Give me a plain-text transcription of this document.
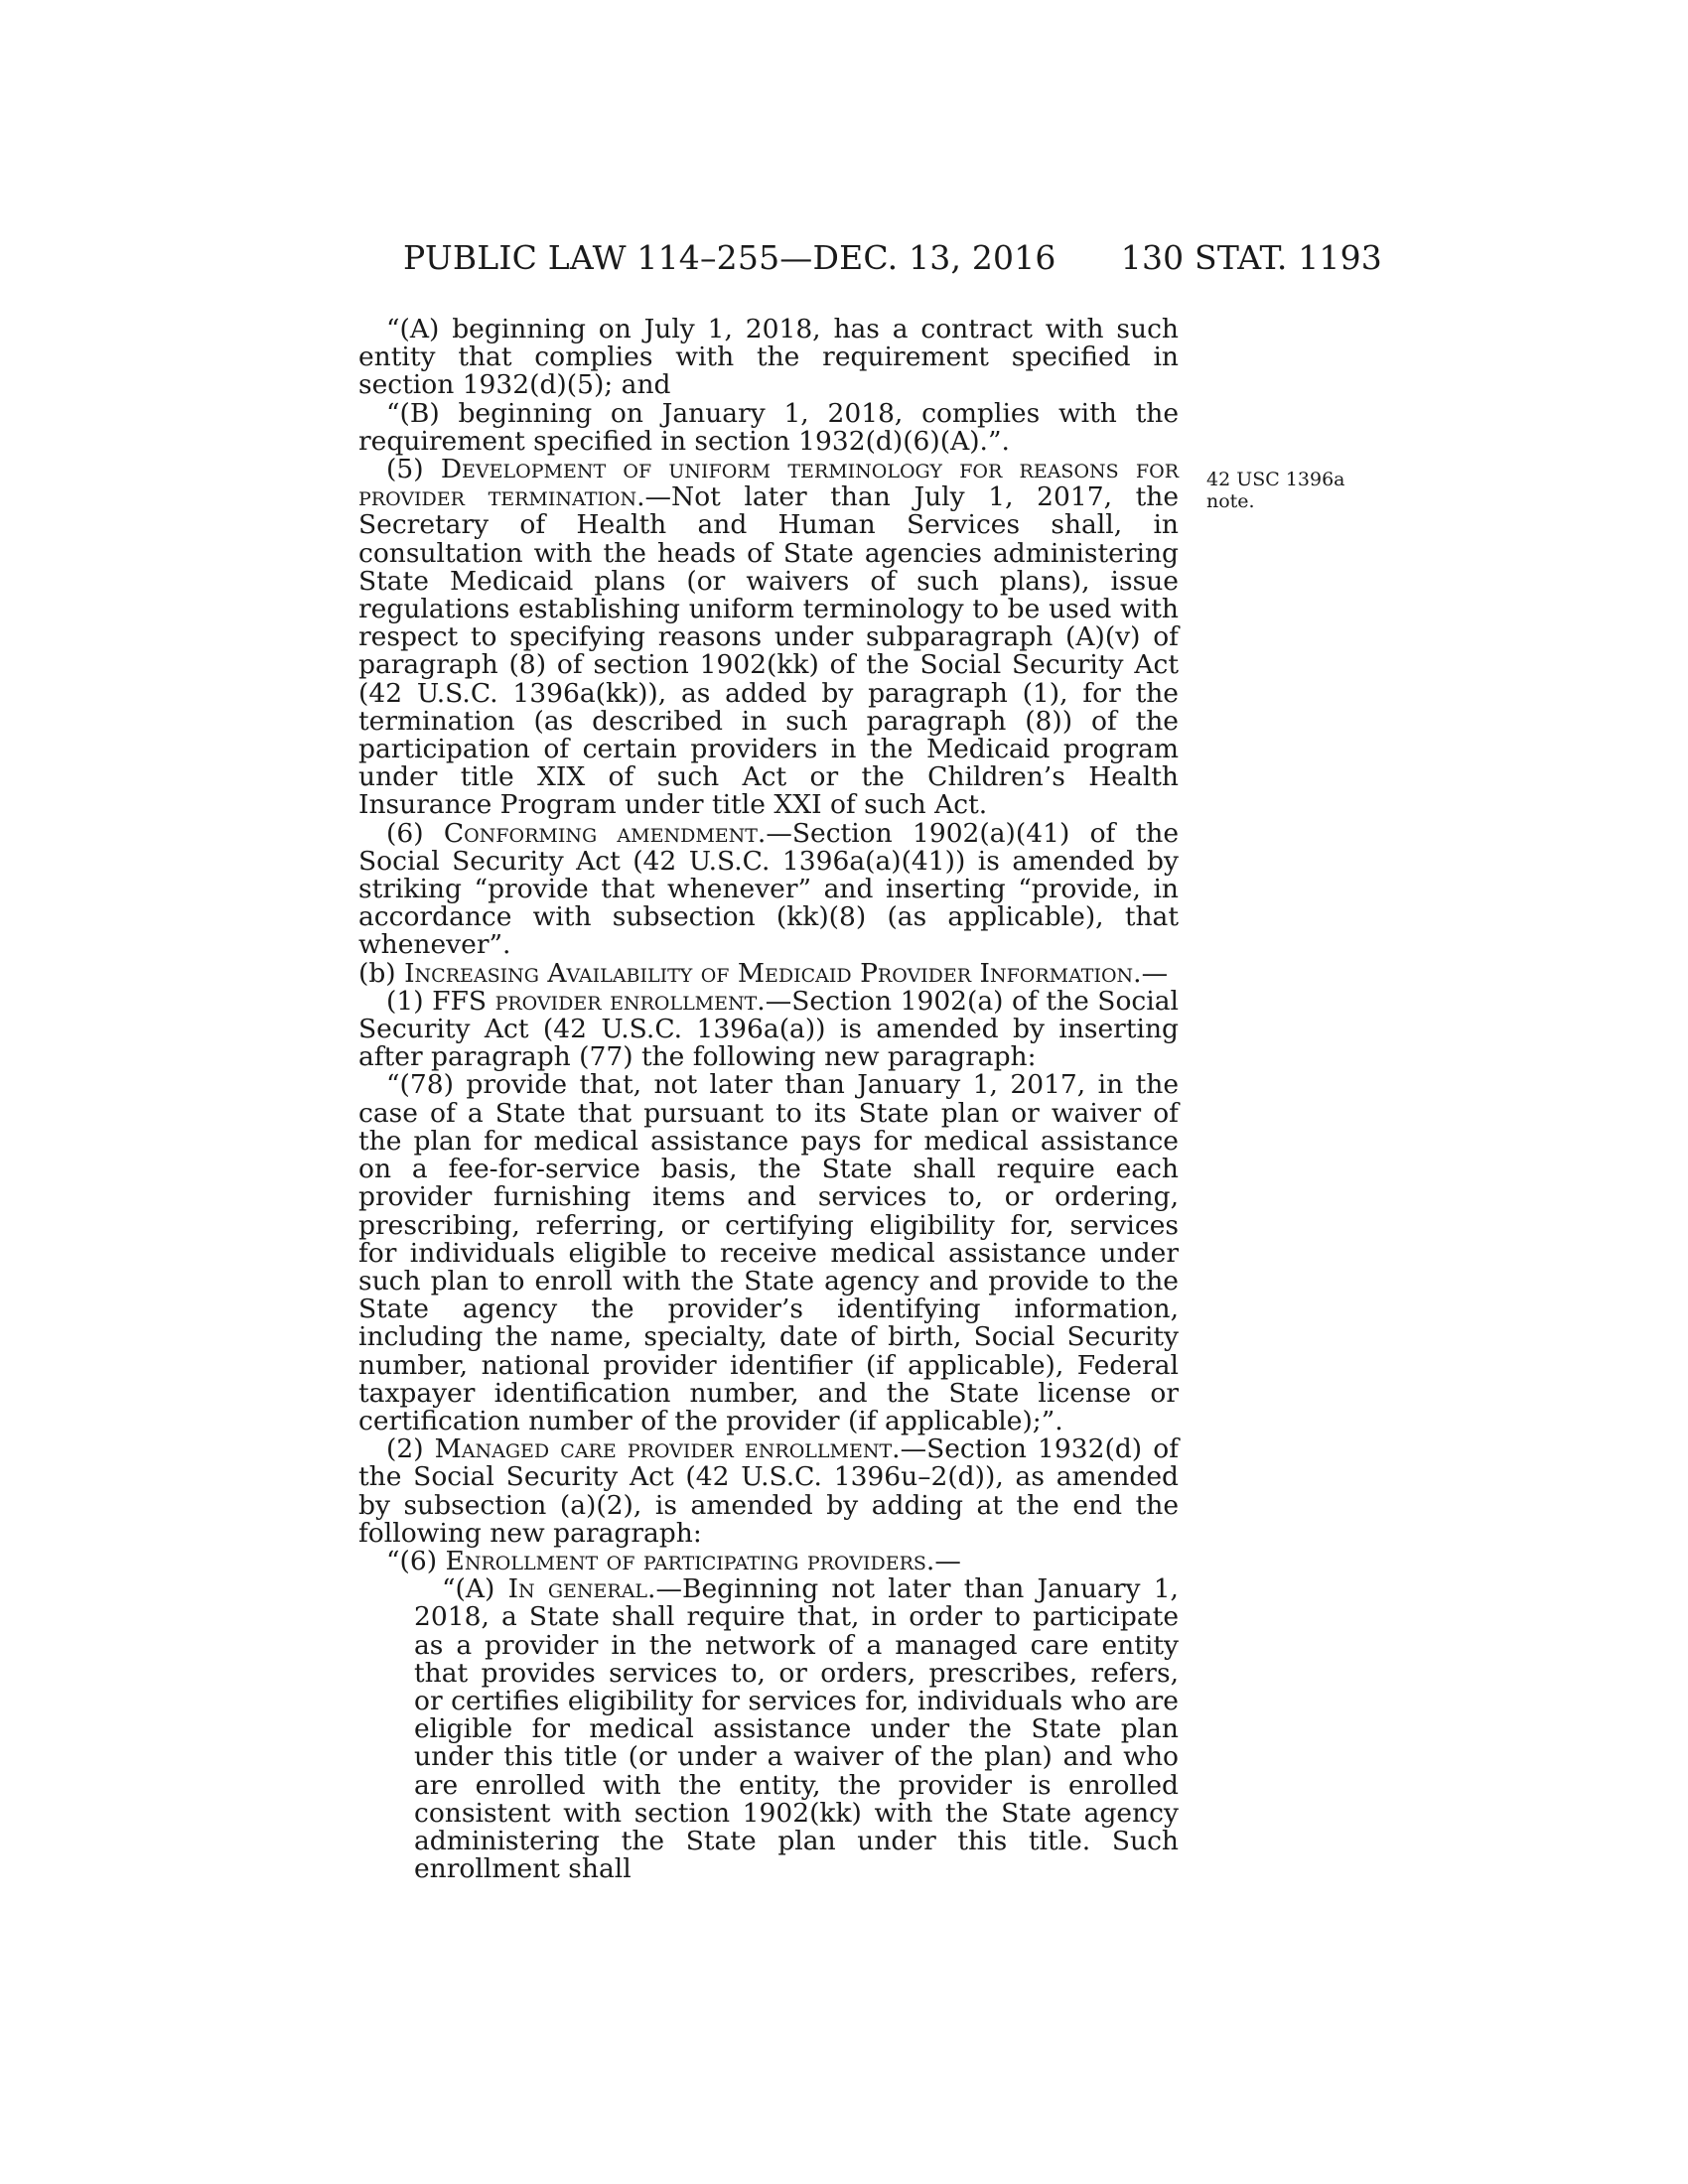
PUBLIC LAW 114–255—DEC. 13, 2016 130 STAT. 1193
42 USC 1396a
note.

“(A) beginning on July 1, 2018, has a contract with such entity that complies with the requirement specified in section 1932(d)(5); and

“(B) beginning on January 1, 2018, complies with the requirement specified in section 1932(d)(6)(A).”.

(5) Development of uniform terminology for reasons for provider termination.—Not later than July 1, 2017, the Secretary of Health and Human Services shall, in consultation with the heads of State agencies administering State Medicaid plans (or waivers of such plans), issue regulations establishing uniform terminology to be used with respect to specifying reasons under subparagraph (A)(v) of paragraph (8) of section 1902(kk) of the Social Security Act (42 U.S.C. 1396a(kk)), as added by paragraph (1), for the termination (as described in such paragraph (8)) of the participation of certain providers in the Medicaid program under title XIX of such Act or the Children’s Health Insurance Program under title XXI of such Act.

(6) Conforming amendment.—Section 1902(a)(41) of the Social Security Act (42 U.S.C. 1396a(a)(41)) is amended by striking “provide that whenever” and inserting “provide, in accordance with subsection (kk)(8) (as applicable), that whenever”.

(b) Increasing Availability of Medicaid Provider Information.—

(1) FFS provider enrollment.—Section 1902(a) of the Social Security Act (42 U.S.C. 1396a(a)) is amended by inserting after paragraph (77) the following new paragraph:

“(78) provide that, not later than January 1, 2017, in the case of a State that pursuant to its State plan or waiver of the plan for medical assistance pays for medical assistance on a fee-for-service basis, the State shall require each provider furnishing items and services to, or ordering, prescribing, referring, or certifying eligibility for, services for individuals eligible to receive medical assistance under such plan to enroll with the State agency and provide to the State agency the provider’s identifying information, including the name, specialty, date of birth, Social Security number, national provider identifier (if applicable), Federal taxpayer identification number, and the State license or certification number of the provider (if applicable);”.

(2) Managed care provider enrollment.—Section 1932(d) of the Social Security Act (42 U.S.C. 1396u–2(d)), as amended by subsection (a)(2), is amended by adding at the end the following new paragraph:

“(6) Enrollment of participating providers.—

“(A) In general.—Beginning not later than January 1, 2018, a State shall require that, in order to participate as a provider in the network of a managed care entity that provides services to, or orders, prescribes, refers, or certifies eligibility for services for, individuals who are eligible for medical assistance under the State plan under this title (or under a waiver of the plan) and who are enrolled with the entity, the provider is enrolled consistent with section 1902(kk) with the State agency administering the State plan under this title. Such enrollment shall
